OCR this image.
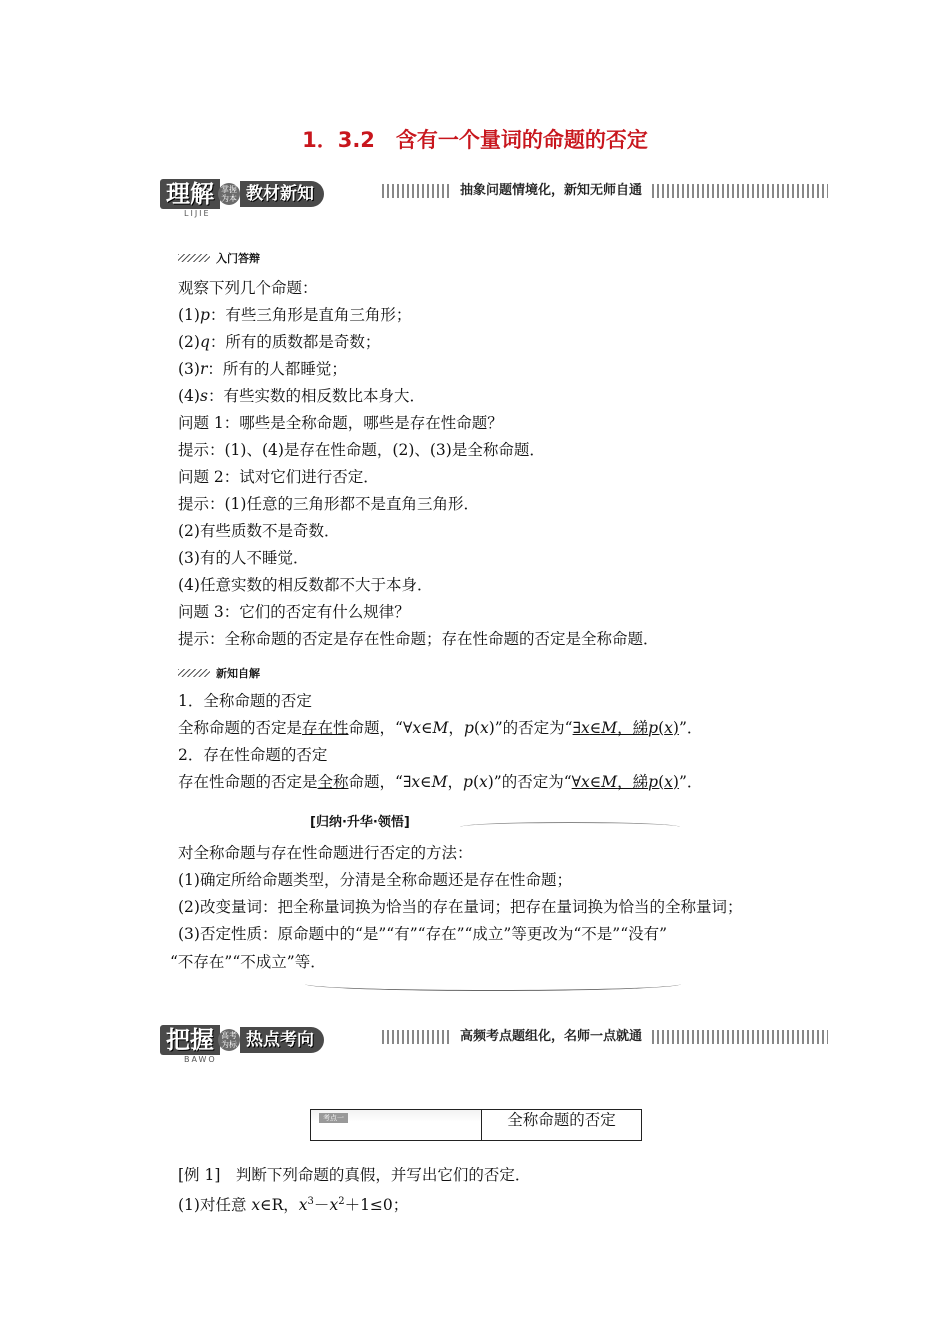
1．3.2　含有一个量词的命题的否定
抽象问题情境化，新知无师自通
理解 掌握 为本 教材新知
LIJIE
入门答辩
观察下列几个命题：
(1)p：有些三角形是直角三角形；
(2)q：所有的质数都是奇数；
(3)r：所有的人都睡觉；
(4)s：有些实数的相反数比本身大．
问题 1：哪些是全称命题，哪些是存在性命题？
提示：(1)、(4)是存在性命题，(2)、(3)是全称命题．
问题 2：试对它们进行否定．
提示：(1)任意的三角形都不是直角三角形．
(2)有些质数不是奇数．
(3)有的人不睡觉．
(4)任意实数的相反数都不大于本身．
问题 3：它们的否定有什么规律？
提示：全称命题的否定是存在性命题；存在性命题的否定是全称命题．
新知自解
1．全称命题的否定
全称命题的否定是存在性命题，“∀x∈M，p(x)”的否定为“∃x∈M，綈p(x)”．
2．存在性命题的否定
存在性命题的否定是全称命题，“∃x∈M，p(x)”的否定为“∀x∈M，綈p(x)”．
[归纳·升华·领悟]
对全称命题与存在性命题进行否定的方法：
(1)确定所给命题类型，分清是全称命题还是存在性命题；
(2)改变量词：把全称量词换为恰当的存在量词；把存在量词换为恰当的全称量词；
(3)否定性质：原命题中的“是”“有”“存在”“成立”等更改为“不是”“没有”
“不存在”“不成立”等．
高频考点题组化，名师一点就通
把握 高考 为标 热点考向
BAWO
考点一	全称命题的否定
[例 1]　判断下列命题的真假，并写出它们的否定．
(1)对任意 x∈R，$x^3-x^2+1\le 0$；
